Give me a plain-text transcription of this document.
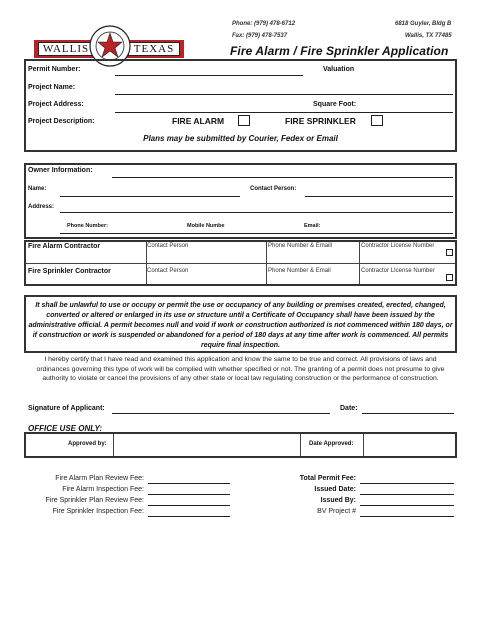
WALLIS	TEXAS
Phone: (979) 478-6712
Fax: (979) 478-7537
6818 Guyler, Bldg B
Wallis, TX 77485
Fire Alarm / Fire Sprinkler Application
Permit Number:	Valuation
Project Name:
Project Address:	Square Foot:
Project Description:	FIRE ALARM	FIRE SPRINKLER
Plans may be submitted by Courier, Fedex or Email
Owner Information:
Name:	Contact Person:
Address:
Phone Number:	Mobile Numbe	Email:
Fire Alarm Contractor	Contact Person	Phone Number & Emaill	Contractor License Number
Fire Sprinkler Contractor	Contact Person	Phone Number & Email	Contractor LIcense Number
It shall be unlawful to use or occupy or permit the use or occupancy of any building or premises created, erected, changed, converted or altered or enlarged in its use or structure until a Certificate of Occupancy shall have been issued by the administrative official. A permit becomes null and void if work or construction authorized is not commenced within 180 days, or if construction or work is suspended or abandoned for a period of 180 days at any time after work is commenced. All permits require final inspection.
I hereby certify that I have read and examined this application and know the same to be true and correct. All provisions of laws and ordinances governing this type of work will be complied with whether specified or not. The granting of a permit does not presume to give authority to violate or cancel the provisions of any other state or local law regulating construction or the performance of construction.
Signature of Applicant:	Date:
OFFICE USE ONLY:
Approved by:	Date Approved:
Fire Alarm Plan Review Fee:
Fire Alarm Inspection Fee:
Fire Sprinkler Plan Review Fee:
Fire Sprinkler Inspection Fee:
Total Permit Fee:
Issued Date:
Issued By:
BV Project #
